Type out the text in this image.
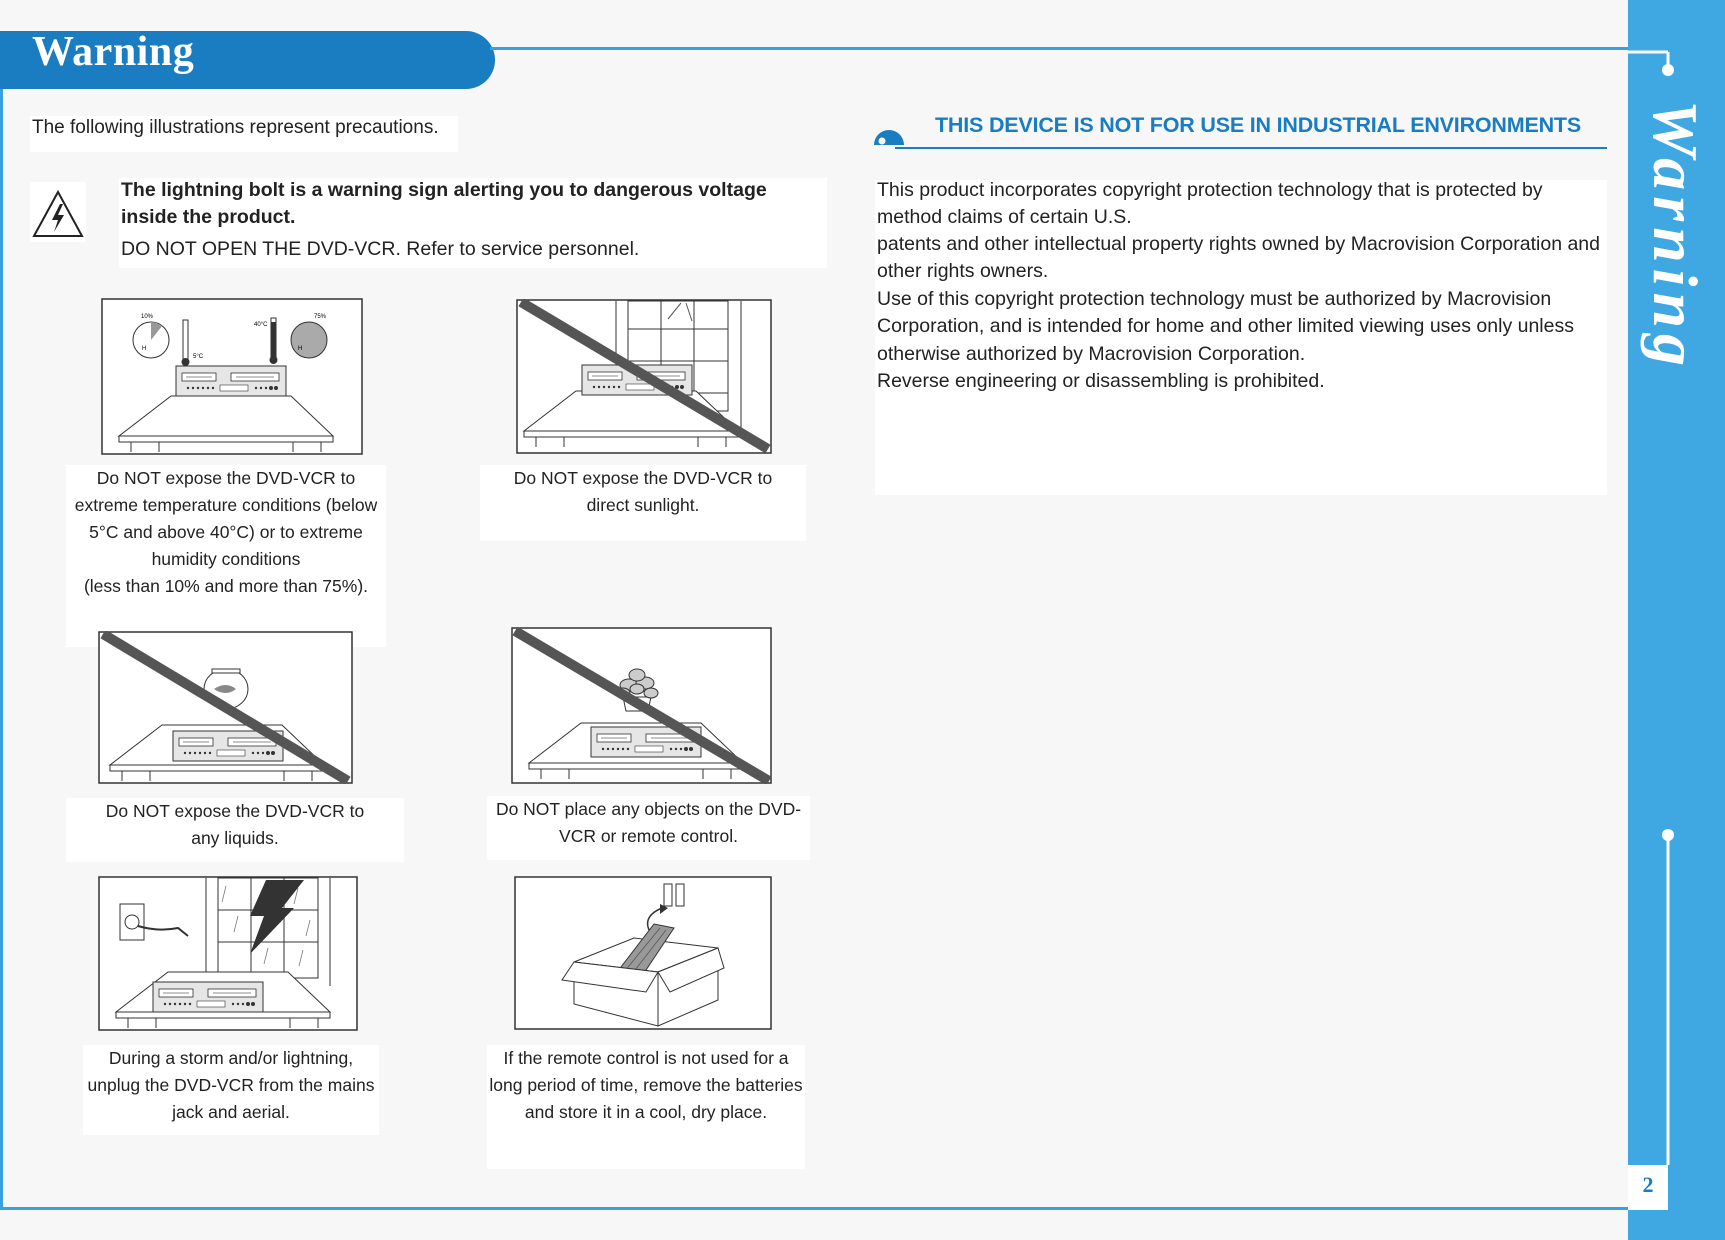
Warning
Warning
2
The following illustrations represent precautions.
The lightning bolt is a warning sign alerting you to dangerous voltage inside the product.
DO NOT OPEN THE DVD-VCR. Refer to service personnel.
10%
H
5°C
40°C
75%
H
Do NOT expose the DVD-VCR to
extreme temperature conditions (below
5°C and above 40°C) or to extreme
humidity conditions
(less than 10% and more than 75%).
Do NOT expose the DVD-VCR to
direct sunlight.
Do NOT expose the DVD-VCR to
any liquids.
Do NOT place any objects on the DVD-
VCR or remote control.
During a storm and/or lightning,
unplug the DVD-VCR from the mains
jack and aerial.
If the remote control is not used for a
long period of time, remove the batteries
and store it in a cool, dry place.
THIS DEVICE IS NOT FOR USE IN INDUSTRIAL ENVIRONMENTS
This product incorporates copyright protection technology that is protected by method claims of certain U.S.
patents and other intellectual property rights owned by Macrovision Corporation and other rights owners.
Use of this copyright protection technology must be authorized by Macrovision Corporation, and is intended for home and other limited viewing uses only unless otherwise authorized by Macrovision Corporation.
Reverse engineering or disassembling is prohibited.
